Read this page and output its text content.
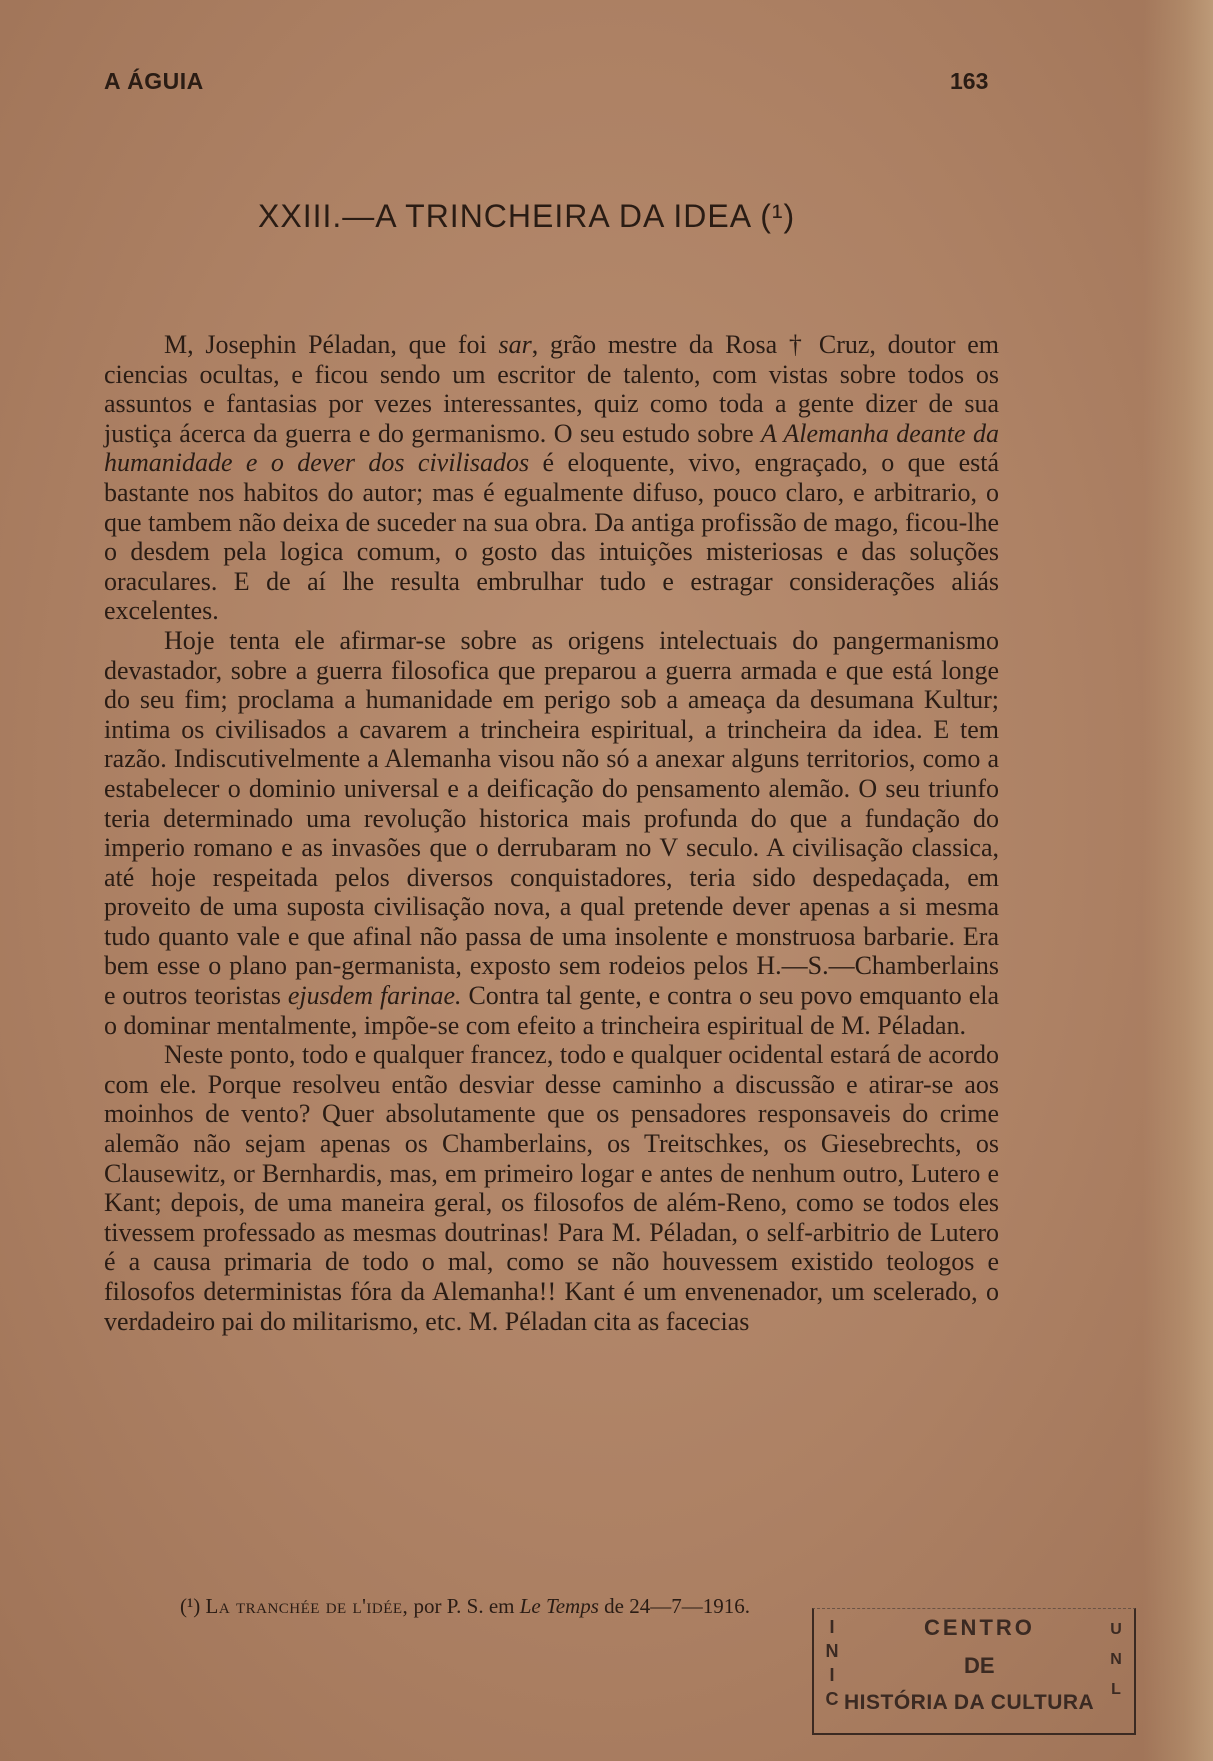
A ÁGUIA	163
XXIII.—A TRINCHEIRA DA IDEA (¹)

M, Josephin Péladan, que foi sar, grão mestre da Rosa † Cruz, doutor em ciencias ocultas, e ficou sendo um escritor de talento, com vistas sobre todos os assuntos e fantasias por vezes interessantes, quiz como toda a gente dizer de sua justiça ácerca da guerra e do germanismo. O seu estudo sobre A Alemanha deante da humanidade e o dever dos civilisados é eloquente, vivo, engraçado, o que está bastante nos habitos do autor; mas é egualmente difuso, pouco claro, e arbitrario, o que tambem não deixa de suceder na sua obra. Da antiga profissão de mago, ficou-lhe o desdem pela logica comum, o gosto das intuições misteriosas e das soluções oraculares. E de aí lhe resulta embrulhar tudo e estragar considerações aliás excelentes.

Hoje tenta ele afirmar-se sobre as origens intelectuais do pangermanismo devastador, sobre a guerra filosofica que preparou a guerra armada e que está longe do seu fim; proclama a humanidade em perigo sob a ameaça da desumana Kultur; intima os civilisados a cavarem a trincheira espiritual, a trincheira da idea. E tem razão. Indiscutivelmente a Alemanha visou não só a anexar alguns territorios, como a estabelecer o dominio universal e a deificação do pensamento alemão. O seu triunfo teria determinado uma revolução historica mais profunda do que a fundação do imperio romano e as invasões que o derrubaram no V seculo. A civilisação classica, até hoje respeitada pelos diversos conquistadores, teria sido despedaçada, em proveito de uma suposta civilisação nova, a qual pretende dever apenas a si mesma tudo quanto vale e que afinal não passa de uma insolente e monstruosa barbarie. Era bem esse o plano pan-germanista, exposto sem rodeios pelos H.—S.—Chamberlains e outros teoristas ejusdem farinae. Contra tal gente, e contra o seu povo emquanto ela o dominar mentalmente, impõe-se com efeito a trincheira espiritual de M. Péladan.

Neste ponto, todo e qualquer francez, todo e qualquer ocidental estará de acordo com ele. Porque resolveu então desviar desse caminho a discussão e atirar-se aos moinhos de vento? Quer absolutamente que os pensadores responsaveis do crime alemão não sejam apenas os Chamberlains, os Treitschkes, os Giesebrechts, os Clausewitz, or Bernhardis, mas, em primeiro logar e antes de nenhum outro, Lutero e Kant; depois, de uma maneira geral, os filosofos de além-Reno, como se todos eles tivessem professado as mesmas doutrinas! Para M. Péladan, o self-arbitrio de Lutero é a causa primaria de todo o mal, como se não houvessem existido teologos e filosofos deterministas fóra da Alemanha!! Kant é um envenenador, um scelerado, o verdadeiro pai do militarismo, etc. M. Péladan cita as facecias

(¹) La tranchée de l'idée, por P. S. em Le Temps de 24—7—1916.
I N I C
CENTRO
DE
HISTÓRIA DA CULTURA
U N L
